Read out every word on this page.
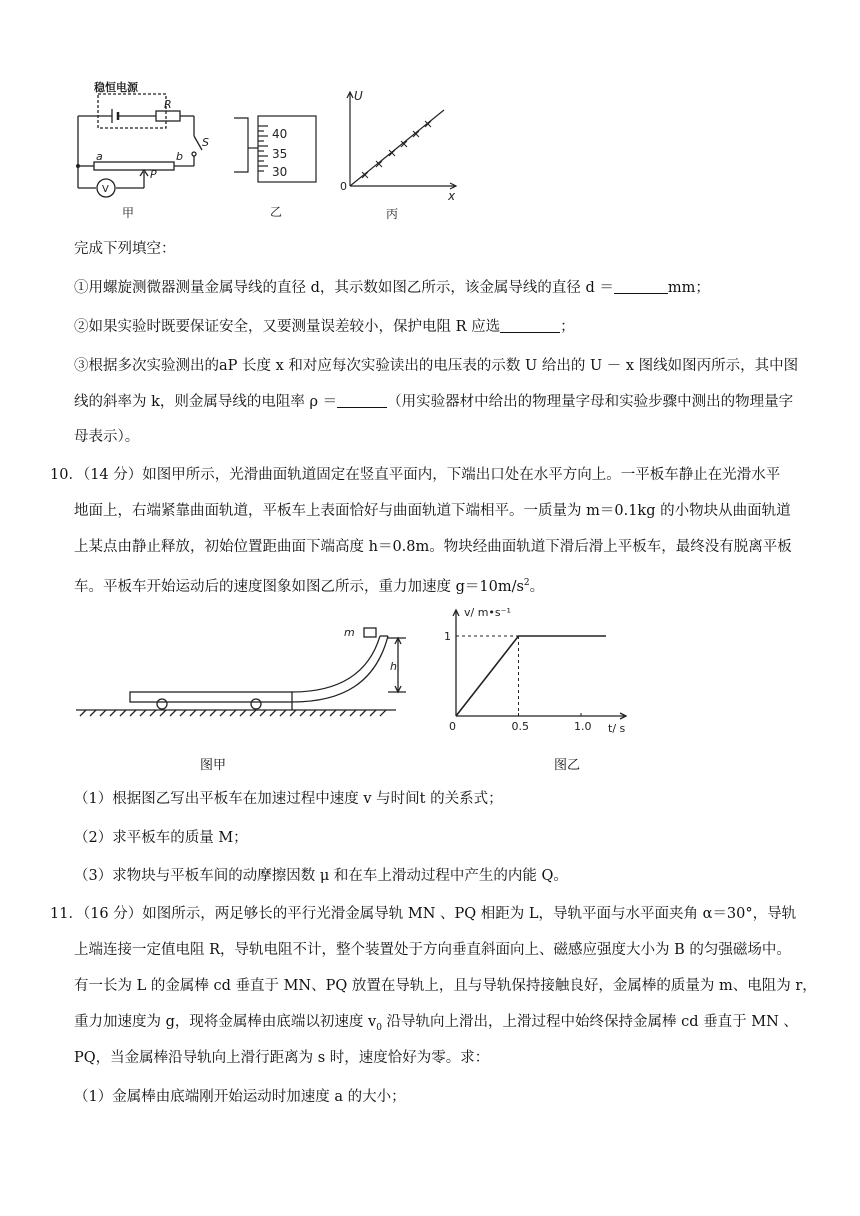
稳恒电源
R
S
a	b
P
V
甲
40
35
30
乙
U
x
0
丙
完成下列填空：
①用螺旋测微器测量金属导线的直径 d，其示数如图乙所示，该金属导线的直径 d ＝	mm；
②如果实验时既要保证安全，又要测量误差较小，保护电阻 R 应选	；
③根据多次实验测出的aP 长度 x 和对应每次实验读出的电压表的示数 U 给出的 U － x 图线如图丙所示，其中图
线的斜率为 k，则金属导线的电阻率 ρ ＝	（用实验器材中给出的物理量字母和实验步骤中测出的物理量字
母表示）。
10．（14 分）如图甲所示，光滑曲面轨道固定在竖直平面内，下端出口处在水平方向上。一平板车静止在光滑水平
地面上，右端紧靠曲面轨道，平板车上表面恰好与曲面轨道下端相平。一质量为 m＝0.1kg 的小物块从曲面轨道
上某点由静止释放，初始位置距曲面下端高度 h＝0.8m。物块经曲面轨道下滑后滑上平板车，最终没有脱离平板
车。平板车开始运动后的速度图象如图乙所示，重力加速度 $g=10m/s^2$。
m
h
图甲
0	0.5	1.0
1
v/ m•s⁻¹
t/ s
图乙
（1）根据图乙写出平板车在加速过程中速度 v 与时间t 的关系式；
（2）求平板车的质量 M；
（3）求物块与平板车间的动摩擦因数 μ 和在车上滑动过程中产生的内能 Q。
11．（16 分）如图所示，两足够长的平行光滑金属导轨 MN 、PQ 相距为 L，导轨平面与水平面夹角 α＝30°，导轨
上端连接一定值电阻 R，导轨电阻不计，整个装置处于方向垂直斜面向上、磁感应强度大小为 B 的匀强磁场中。
有一长为 L 的金属棒 cd 垂直于 MN、PQ 放置在导轨上，且与导轨保持接触良好，金属棒的质量为 m、电阻为 r，
重力加速度为 g，现将金属棒由底端以初速度 $v_0$ 沿导轨向上滑出，上滑过程中始终保持金属棒 cd 垂直于 MN 、
PQ，当金属棒沿导轨向上滑行距离为 s 时，速度恰好为零。求：
（1）金属棒由底端刚开始运动时加速度 a 的大小；
